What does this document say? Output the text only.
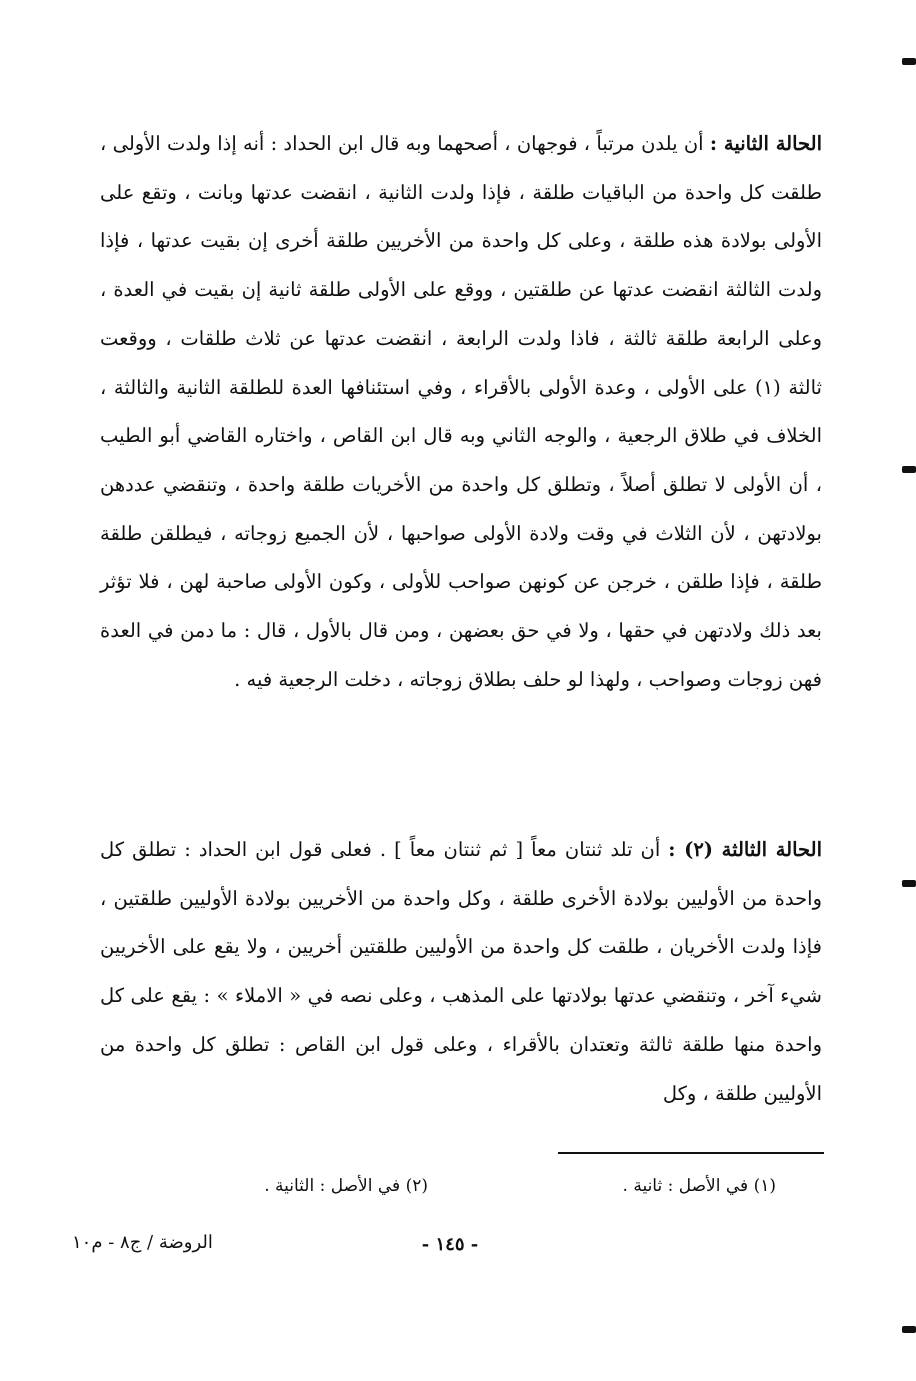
الحالة الثانية : أن يلدن مرتباً ، فوجهان ، أصحهما وبه قال ابن الحداد : أنه إذا ولدت الأولى ، طلقت كل واحدة من الباقيات طلقة ، فإذا ولدت الثانية ، انقضت عدتها وبانت ، وتقع على الأولى بولادة هذه طلقة ، وعلى كل واحدة من الأخريين طلقة أخرى إن بقيت عدتها ، فإذا ولدت الثالثة انقضت عدتها عن طلقتين ، ووقع على الأولى طلقة ثانية إن بقيت في العدة ، وعلى الرابعة طلقة ثالثة ، فاذا ولدت الرابعة ، انقضت عدتها عن ثلاث طلقات ، ووقعت ثالثة (١) على الأولى ، وعدة الأولى بالأقراء ، وفي استئنافها العدة للطلقة الثانية والثالثة ، الخلاف في طلاق الرجعية ، والوجه الثاني وبه قال ابن القاص ، واختاره القاضي أبو الطيب ، أن الأولى لا تطلق أصلاً ، وتطلق كل واحدة من الأخريات طلقة واحدة ، وتنقضي عددهن بولادتهن ، لأن الثلاث في وقت ولادة الأولى صواحبها ، لأن الجميع زوجاته ، فيطلقن طلقة طلقة ، فإذا طلقن ، خرجن عن كونهن صواحب للأولى ، وكون الأولى صاحبة لهن ، فلا تؤثر بعد ذلك ولادتهن في حقها ، ولا في حق بعضهن ، ومن قال بالأول ، قال : ما دمن في العدة فهن زوجات وصواحب ، ولهذا لو حلف بطلاق زوجاته ، دخلت الرجعية فيه .

الحالة الثالثة (٢) : أن تلد ثنتان معاً [ ثم ثنتان معاً ] . فعلى قول ابن الحداد : تطلق كل واحدة من الأوليين بولادة الأخرى طلقة ، وكل واحدة من الأخريين بولادة الأوليين طلقتين ، فإذا ولدت الأخريان ، طلقت كل واحدة من الأوليين طلقتين أخريين ، ولا يقع على الأخريين شيء آخر ، وتنقضي عدتها بولادتها على المذهب ، وعلى نصه في « الاملاء » : يقع على كل واحدة منها طلقة ثالثة وتعتدان بالأقراء ، وعلى قول ابن القاص : تطلق كل واحدة من الأوليين طلقة ، وكل

(١) في الأصل : ثانية .
(٢) في الأصل : الثانية .
- ١٤٥ -
الروضة / ج٨ - م١٠
